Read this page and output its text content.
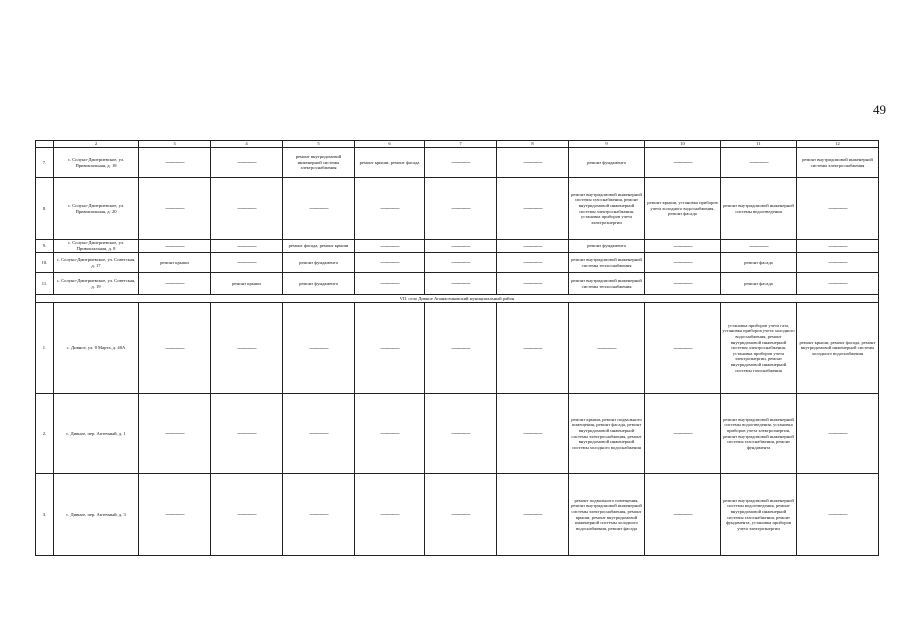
49
	2	3	4	5	6	7	8	9	10	11	12
7.	с. Солуно-Дмитриевское, ул. Привокзальная, д. 18	———	———	ремонт внутридомовой инженерной системы электроснабжения	ремонт крыши, ремонт фасада	———	———	ремонт фундамента	———	———	ремонт внутридомовой инженерной системы электроснабжения
8.	с. Солуно-Дмитриевское, ул. Привокзальная, д. 20	———	———	———	———	———	———	ремонт внутридомовой инженерной системы газоснабжения, ремонт внутридомовой инженерной системы электроснабжения, установка приборов учета электроэнергии	ремонт крыши, установка приборов учета холодного водоснабжения, ремонт фасада	ремонт внутридомовой инженерной системы водоотведения	———
9.	с. Солуно-Дмитриевское, ул. Привокзальная, д. 8	———	———	ремонт фасада, ремонт крыши	———	———	———	ремонт фундамента	———	———	———
10.	с. Солуно-Дмитриевское, ул. Советская, д. 17	ремонт крыши	———	ремонт фундамента	———	———	———	ремонт внутридомовой инженерной системы теплоснабжения	———	ремонт фасада	———
11.	с. Солуно-Дмитриевское, ул. Советская, д. 19	———	ремонт крыши	ремонт фундамента	———	———	———	ремонт внутридомовой инженерной системы теплоснабжения	———	ремонт фасада	———
VII. село Дивное Апанасенковский муниципальный район											
1.	с. Дивное, ул. 8 Марта, д. 40А	———	———	———	———	———	———	———	———	установка приборов учета газа, установка приборов учета холодного водоснабжения, ремонт внутридомовой инженерной системы электроснабжения, установка приборов учета электроэнергии, ремонт внутридомовой инженерной системы газоснабжения	ремонт крыши, ремонт фасада, ремонт внутридомовой инженерной системы холодного водоснабжения
2.	с. Дивное, пер. Аптечный, д. 1	———	———	———	———	———	———	ремонт крыши, ремонт подвального помещения, ремонт фасада, ремонт внутридомовой инженерной системы электроснабжения, ремонт внутридомовой инженерной системы холодного водоснабжения	———	ремонт внутридомовой инженерной системы водоотведения, установка приборов учета электроэнергии, ремонт внутридомовой инженерной системы газоснабжения, ремонт фундамента	———
3.	с. Дивное, пер. Аптечный, д. 3	———	———	———	———	———	———	ремонт подвального помещения, ремонт внутридомовой инженерной системы электроснабжения, ремонт крыши, ремонт внутридомовой инженерной системы холодного водоснабжения, ремонт фасада	———	ремонт внутридомовой инженерной системы водоотведения, ремонт внутридомовой инженерной системы газоснабжения, ремонт фундамента, установка приборов учета электроэнергии	———
